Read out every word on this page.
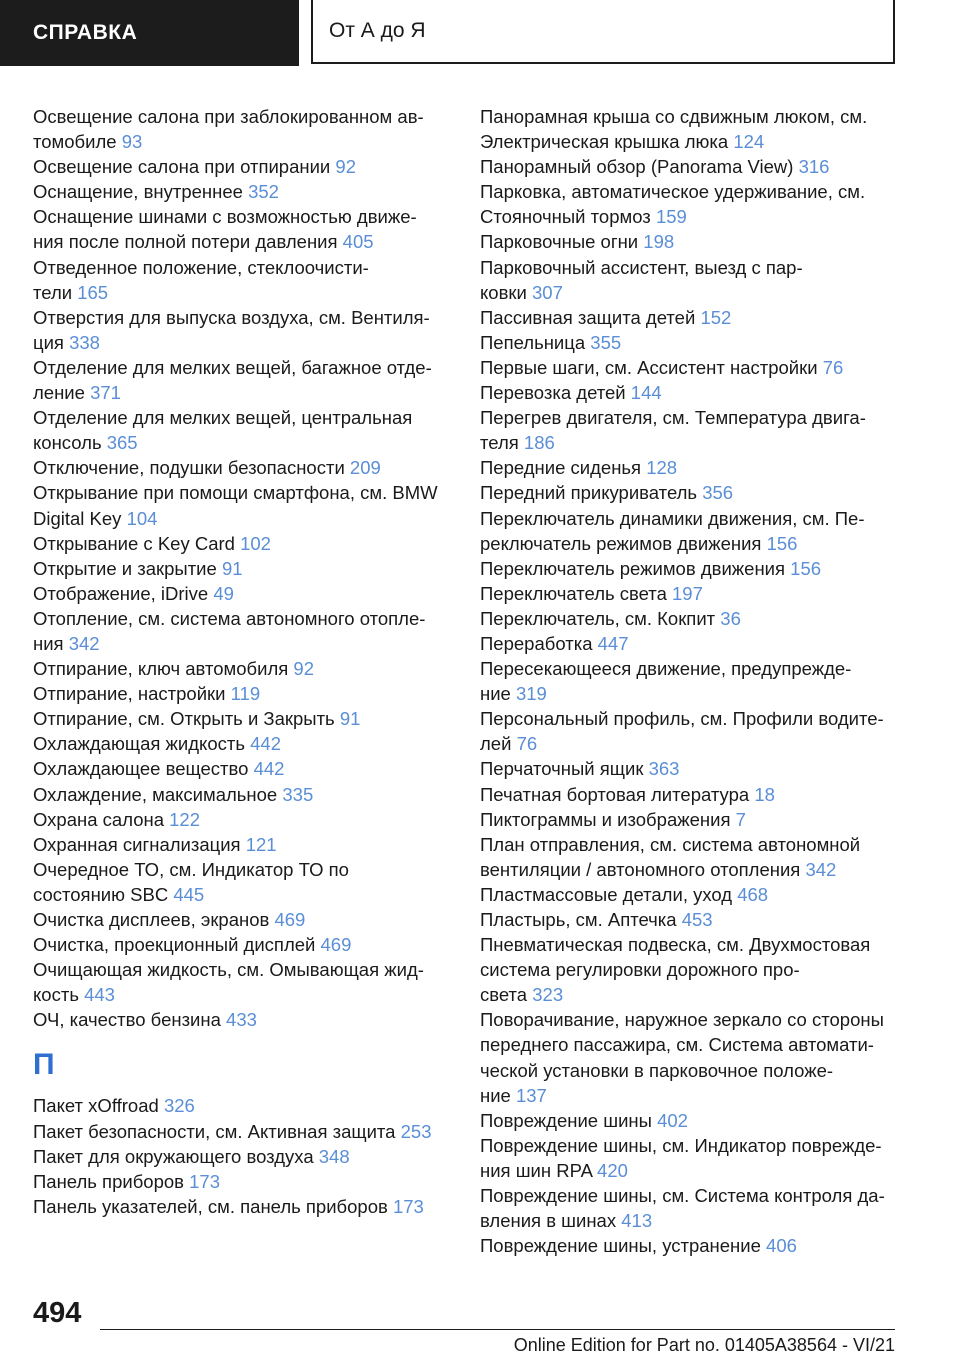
СПРАВКА	От А до Я
Освещение салона при заблокированном ав-
томобиле 93
Освещение салона при отпирании 92
Оснащение, внутреннее 352
Оснащение шинами с возможностью движе-
ния после полной потери давления 405
Отведенное положение, стеклоочисти-
тели 165
Отверстия для выпуска воздуха, см. Вентиля-
ция 338
Отделение для мелких вещей, багажное отде-
ление 371
Отделение для мелких вещей, центральная
консоль 365
Отключение, подушки безопасности 209
Открывание при помощи смартфона, см. BMW
Digital Key 104
Открывание с Key Card 102
Открытие и закрытие 91
Отображение, iDrive 49
Отопление, см. система автономного отопле-
ния 342
Отпирание, ключ автомобиля 92
Отпирание, настройки 119
Отпирание, см. Открыть и Закрыть 91
Охлаждающая жидкость 442
Охлаждающее вещество 442
Охлаждение, максимальное 335
Охрана салона 122
Охранная сигнализация 121
Очередное ТО, см. Индикатор ТО по
состоянию SBC 445
Очистка дисплеев, экранов 469
Очистка, проекционный дисплей 469
Очищающая жидкость, см. Омывающая жид-
кость 443
ОЧ, качество бензина 433
П
Пакет xOffroad 326
Пакет безопасности, см. Активная защита 253
Пакет для окружающего воздуха 348
Панель приборов 173
Панель указателей, см. панель приборов 173
Панорамная крыша со сдвижным люком, см.
Электрическая крышка люка 124
Панорамный обзор (Panorama View) 316
Парковка, автоматическое удерживание, см.
Стояночный тормоз 159
Парковочные огни 198
Парковочный ассистент, выезд с пар-
ковки 307
Пассивная защита детей 152
Пепельница 355
Первые шаги, см. Ассистент настройки 76
Перевозка детей 144
Перегрев двигателя, см. Температура двига-
теля 186
Передние сиденья 128
Передний прикуриватель 356
Переключатель динамики движения, см. Пе-
реключатель режимов движения 156
Переключатель режимов движения 156
Переключатель света 197
Переключатель, см. Кокпит 36
Переработка 447
Пересекающееся движение, предупрежде-
ние 319
Персональный профиль, см. Профили водите-
лей 76
Перчаточный ящик 363
Печатная бортовая литература 18
Пиктограммы и изображения 7
План отправления, см. система автономной
вентиляции / автономного отопления 342
Пластмассовые детали, уход 468
Пластырь, см. Аптечка 453
Пневматическая подвеска, см. Двухмостовая
система регулировки дорожного про-
света 323
Поворачивание, наружное зеркало со стороны
переднего пассажира, см. Система автомати-
ческой установки в парковочное положе-
ние 137
Повреждение шины 402
Повреждение шины, см. Индикатор поврежде-
ния шин RPA 420
Повреждение шины, см. Система контроля да-
вления в шинах 413
Повреждение шины, устранение 406
494
Online Edition for Part no. 01405A38564 - VI/21
